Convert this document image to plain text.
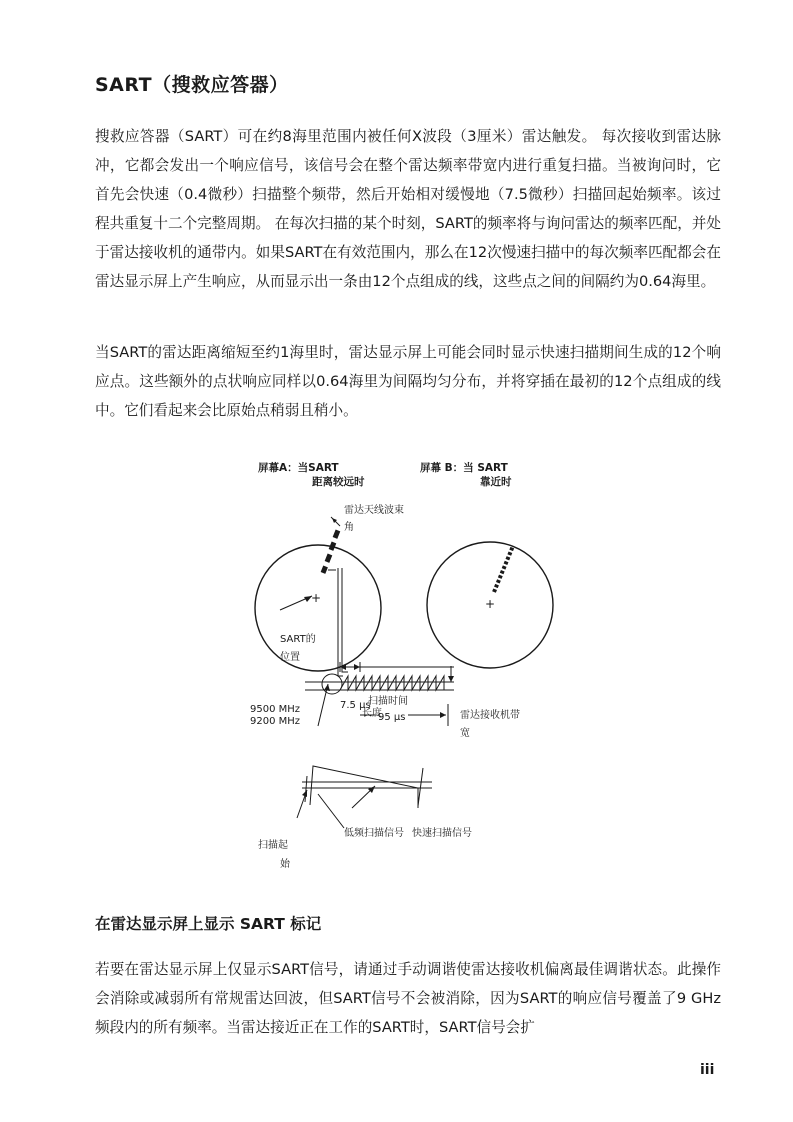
SART（搜救应答器）

搜救应答器（SART）可在约8海里范围内被任何X波段（3厘米）雷达触发。 每次接收到雷达脉冲，它都会发出一个响应信号，该信号会在整个雷达频率带宽内进行重复扫描。当被询问时，它首先会快速（0.4微秒）扫描整个频带，然后开始相对缓慢地（7.5微秒）扫描回起始频率。该过程共重复十二个完整周期。 在每次扫描的某个时刻，SART的频率将与询问雷达的频率匹配，并处于雷达接收机的通带内。如果SART在有效范围内，那么在12次慢速扫描中的每次频率匹配都会在雷达显示屏上产生响应，从而显示出一条由12个点组成的线，这些点之间的间隔约为0.64海里。

当SART的雷达距离缩短至约1海里时，雷达显示屏上可能会同时显示快速扫描期间生成的12个响应点。这些额外的点状响应同样以0.64海里为间隔均匀分布，并将穿插在最初的12个点组成的线中。它们看起来会比原始点稍弱且稍小。

屏幕A：当SART
距离较远时
屏幕 B：当 SART
靠近时
+
雷达天线波束
角
SART的
位置
+
9500 MHz
9200 MHz
扫描时间
长度
7.5 μs
95 μs	雷达接收机带
宽
扫描起
始
低频扫描信号 快速扫描信号
在雷达显示屏上显示 SART 标记

若要在雷达显示屏上仅显示SART信号，请通过手动调谐使雷达接收机偏离最佳调谐状态。此操作会消除或减弱所有常规雷达回波，但SART信号不会被消除，因为SART的响应信号覆盖了9 GHz频段内的所有频率。当雷达接近正在工作的SART时，SART信号会扩

iii
